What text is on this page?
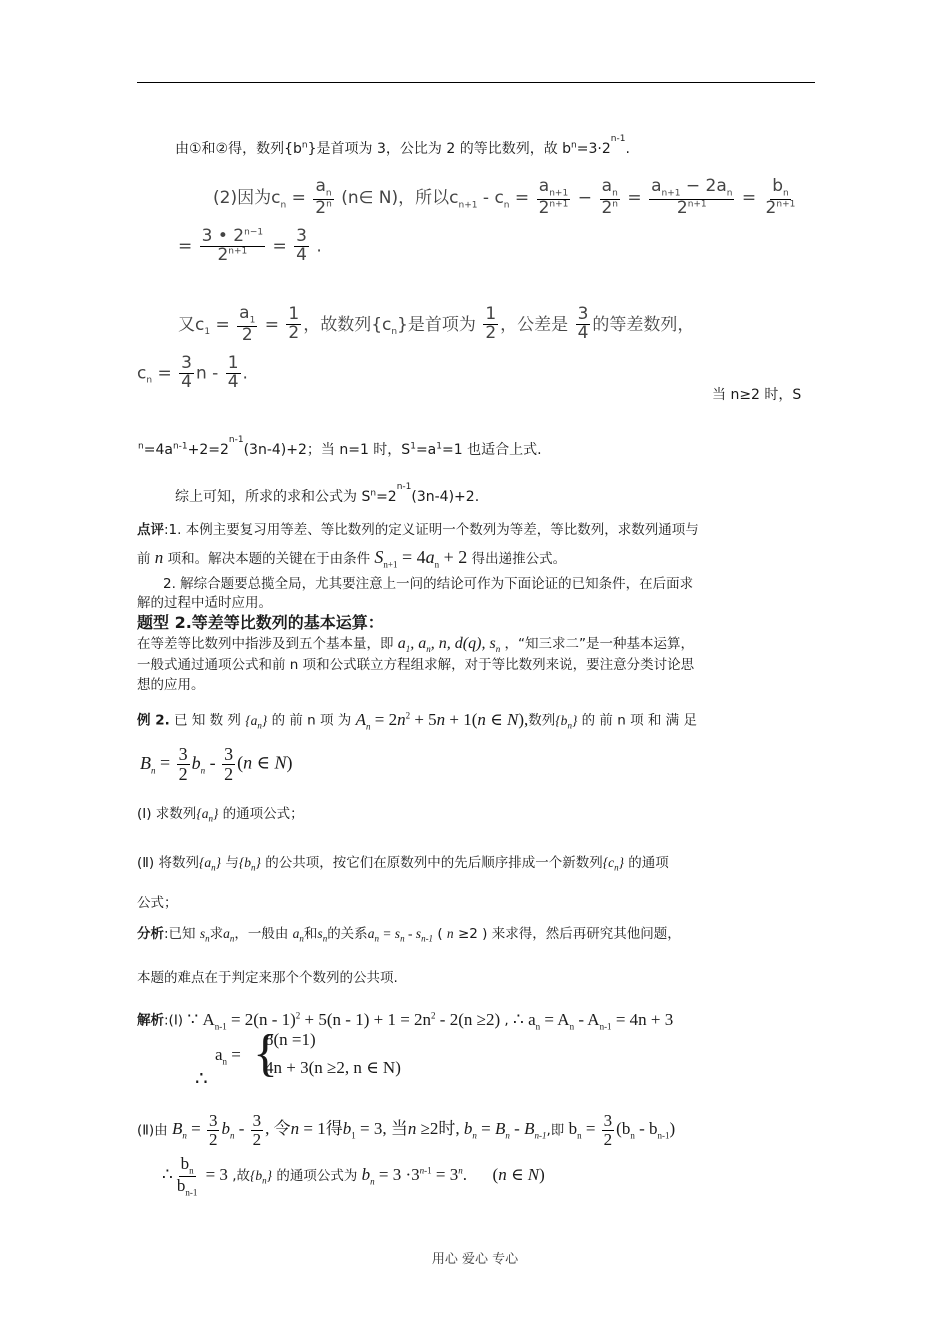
由①和②得，数列$\{b^n\}$是首项为 3，公比为 2 的等比数列，故 $b^n=3\cdot 2^{n-1}$.
(2)因为$c_n = \frac{a_n}{2^n}$ (n∈ N)，所以$c_{n+1} - c_n = \frac{a_{n+1}}{2^{n+1}} - \frac{a_n}{2^n} = \frac{a_{n+1} - 2a_n}{2^{n+1}} = \frac{b_n}{2^{n+1}}$
= $\frac{3 • 2^{n-1}}{2^{n+1}} = \frac{3}{4}$ .
又$c_1 = \frac{a_1}{2} = \frac{1}{2}$ ，故数列$\{c_n\}$是首项为 $\frac{1}{2}$ ，公差是 $\frac{3}{4}$ 的等差数列，
$c_n = \frac{3}{4}$ n - $\frac{1}{4}$ .
当 n≥2 时，S
$^n=4a^{n-1}+2=2^{n-1}(3n-4)+2$；当 n=1 时，$S^1=a^1=1$ 也适合上式.
综上可知，所求的求和公式为 $S^n=2^{n-1}(3n-4)+2$.
点评:1. 本例主要复习用等差、等比数列的定义证明一个数列为等差，等比数列，求数列通项与
前 n 项和。解决本题的关键在于由条件 $S_{n+1} = 4a_n + 2$ 得出递推公式。
2. 解综合题要总揽全局，尤其要注意上一问的结论可作为下面论证的已知条件，在后面求
解的过程中适时应用。
题型 2.等差等比数列的基本运算：
在等差等比数列中指涉及到五个基本量，即 $a_1$, $a_n$, n, d(q), $s_n$ ，“知三求二”是一种基本运算，
一般式通过通项公式和前 n 项和公式联立方程组求解，对于等比数列来说，要注意分类讨论思
想的应用。
例 2. 已 知 数 列 $\{a_n\}$ 的 前 n 项 为 $A_n = 2n^2 + 5n + 1(n$ ∈ N),数列$\{b_n\}$ 的 前 n 项 和 满 足
$B_n = \frac{3}{2} b_n - \frac{3}{2} (n$ ∈ N)
(Ⅰ) 求数列$\{a_n\}$ 的通项公式；
(Ⅱ) 将数列$\{a_n\}$ 与$\{b_n\}$ 的公共项，按它们在原数列中的先后顺序排成一个新数列$\{c_n\}$ 的通项
公式；
分析:已知 $s_n$求$a_n$，一般由 $a_n$和$s_n$的关系$a_n = s_n - s_{n-1}$ ( n ≥2 ) 来求得，然后再研究其他问题，
本题的难点在于判定来那个个数列的公共项.
解析:(Ⅰ) ∵ $A_{n-1} = 2(n - 1)^2 + 5(n - 1) + 1 = 2n^2 - 2(n \ge 2)$ , ∴ $a_n = A_n - A_{n-1} = 4n + 3$
∴
$a_n$ = {
8(n =1)
4n + 3(n ≥2, n ∈ N)
(Ⅱ)由 $B_n = \frac{3}{2} b_n - \frac{3}{2}$ , 令n = 1得$b_1 = 3$, 当n ≥2时, $b_n = B_n - B_{n-1}$,即 $b_n = \frac{3}{2} (b_n - b_{n-1})$
∴ $\frac{b_n}{b_{n-1}} = 3$ ,故$\{b_n\}$ 的通项公式为 $b_n = 3 \cdot 3^{n-1} = 3^n$.      (n ∈ N)
用心 爱心 专心
